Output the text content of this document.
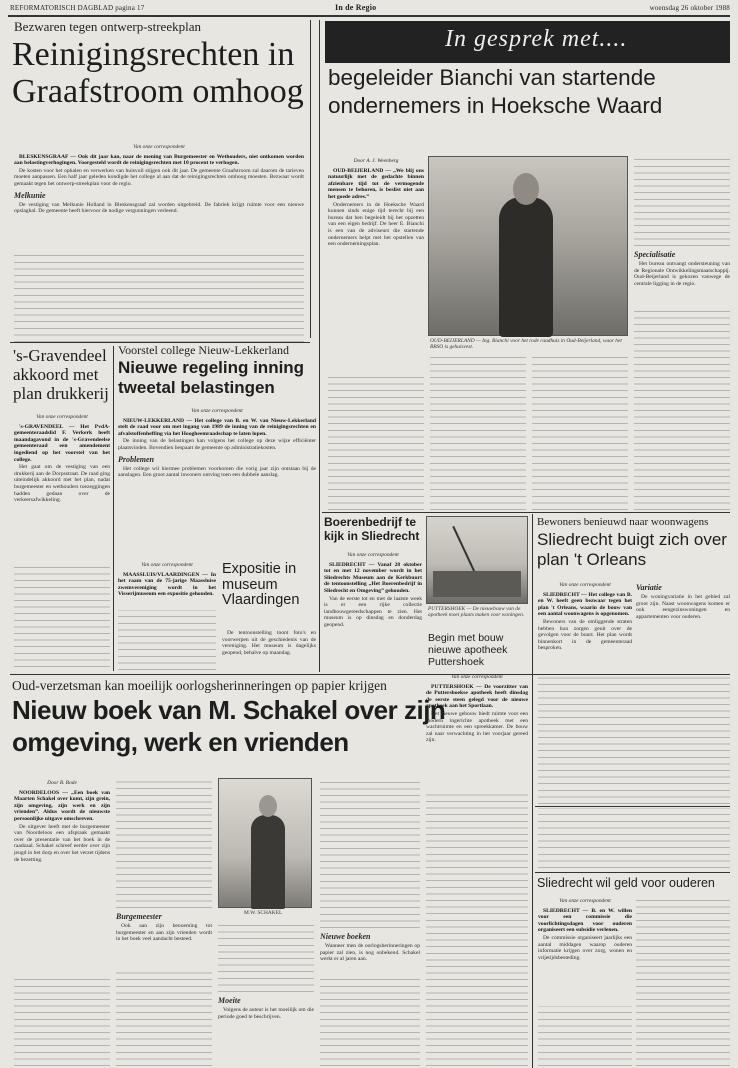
REFORMATORISCH DAGBLAD pagina 17	In de Regio	woensdag 26 oktober 1988
Bezwaren tegen ontwerp-streekplan
Reinigingsrechten in Graafstroom omhoog
Van onze correspondent

BLESKENSGRAAF — Ook dit jaar kan, naar de mening van Burgemeester en Wethouders, niet ontkomen worden aan belastingverhogingen. Voorgesteld wordt de reinigingsrechten met 10 procent te verhogen.

De kosten voor het ophalen en verwerken van huisvuil stijgen ook dit jaar. De gemeente Graafstroom zal daarom de tarieven moeten aanpassen. Een half jaar geleden kondigde het college al aan dat de reinigingsrechten omhoog moesten. Bezwaar wordt gemaakt tegen het ontwerp-streekplan voor de regio.

Melkunie

De vestiging van Melkunie Holland in Bleskensgraaf zal worden uitgebreid. De fabriek krijgt ruimte voor een nieuwe opslaghal. De gemeente heeft hiervoor de nodige vergunningen verleend.

's-Gravendeel akkoord met plan drukkerij
Van onze correspondent

's-GRAVENDEEL — Het PvdA-gemeenteraadslid F. Verkerk heeft maandagavond in de 's-Gravendeelse gemeenteraad een amendement ingediend op het voorstel van het college.

Het gaat om de vestiging van een drukkerij aan de Dorpsstraat. De raad ging uiteindelijk akkoord met het plan, nadat burgemeester en wethouders toezeggingen hadden gedaan over de verkeersafwikkeling.

Voorstel college Nieuw-Lekkerland
Nieuwe regeling inning tweetal belastingen
Van onze correspondent

NIEUW-LEKKERLAND — Het college van B. en W. van Nieuw-Lekkerland stelt de raad voor om met ingang van 1989 de inning van de reinigingsrechten en afvalstoffenheffing via het Hoogheemraadschap te laten lopen.

De inning van de belastingen kan volgens het college op deze wijze efficiënter plaatsvinden. Bovendien bespaart de gemeente op administratiekosten.

Problemen

Het college wil hiermee problemen voorkomen die vorig jaar zijn ontstaan bij de aanslagen. Een groot aantal inwoners ontving toen een dubbele aanslag.

Van onze correspondent

MAASSLUIS/VLAARDINGEN — In het raam van de 75-jarige Maassluise zwemvereniging wordt in het Visserijmuseum een expositie gehouden.

Expositie in museum Vlaardingen

De tentoonstelling toont foto's en voorwerpen uit de geschiedenis van de vereniging. Het museum is dagelijks geopend, behalve op maandag.

In gesprek met....
begeleider Bianchi van startende ondernemers in Hoeksche Waard
Door A. J. Weenberg

OUD-BEIJERLAND — „We blij ons natuurlijk met de gedachte binnen afzienbare tijd tot de vermogende mensen te behoren, is beslist niet aan het goede adres.”

Ondernemers in de Hoeksche Waard kunnen sinds enige tijd terecht bij een bureau dat hen begeleidt bij het opzetten van een eigen bedrijf. De heer E. Bianchi is een van de adviseurs die startende ondernemers helpt met het opstellen van een ondernemingsplan.

OUD-BEIJERLAND — Ing. Bianchi voor het rode raadhuis in Oud-Beijerland, waar het BBSO is gehuisvest.
Specialisatie

Het bureau ontvangt ondersteuning van de Regionale Ontwikkelingsmaatschappij. Oud-Beijerland is gekozen vanwege de centrale ligging in de regio.

Boerenbedrijf te kijk in Sliedrecht
Van onze correspondent

SLIEDRECHT — Vanaf 28 oktober tot en met 12 november wordt in het Sliedrechts Museum aan de Kerkbuurt de tentoonstelling „Het Boerenbedrijf in Sliedrecht en Omgeving” gehouden.

Van de eerste tot en met de laatste week is er een rijke collectie landbouwgereedschappen te zien. Het museum is op dinsdag en donderdag geopend.

PUTTERSHOEK — De nieuwbouw van de apotheek moet plaats maken voor woningen.
Begin met bouw nieuwe apotheek Puttershoek
Bewoners benieuwd naar woonwagens
Sliedrecht buigt zich over plan 't Orleans
Van onze correspondent

SLIEDRECHT — Het college van B. en W. heeft geen bezwaar tegen het plan 't Orleans, waarin de bouw van een aantal woonwagens is opgenomen.

Bewoners van de omliggende straten hebben hun zorgen geuit over de gevolgen voor de buurt. Het plan wordt binnenkort in de gemeenteraad besproken.

Variatie

De woningvariatie in het gebied zal groot zijn. Naast woonwagens komen er ook eengezinswoningen en appartementen voor ouderen.

Oud-verzetsman kan moeilijk oorlogsherinneringen op papier krijgen
Nieuw boek van M. Schakel over zijn omgeving, werk en vrienden
Door B. Bode

NOORDELOOS — „Een boek van Maarten Schakel over komt, zijn grein, zijn omgeving, zijn werk en zijn vrienden”. Aldus wordt de nieuwste persoonlijke uitgave omschreven.

De uitgever heeft met de burgemeester van Noordeloos een afspraak gemaakt over de presentatie van het boek in de raadzaal. Schakel schreef eerder over zijn jeugd in het dorp en over het verzet tijdens de bezetting.

Burgemeester

Ook aan zijn benoeming tot burgemeester en aan zijn vrienden wordt in het boek veel aandacht besteed.

M.W. SCHAKEL
Moeite

Volgens de auteur is het moeilijk om die periode goed te beschrijven.

Nieuwe boeken

Wanneer men de oorlogsherinneringen op papier zal zien, is nog onbekend. Schakel werkt er al jaren aan.

Van onze correspondent

PUTTERSHOEK — De voorzitter van de Puttershoekse apotheek heeft dinsdag de eerste steen gelegd voor de nieuwe apotheek aan het Sportlaan.

Het nieuwe gebouw biedt ruimte voor een modern ingerichte apotheek met een wachtruimte en een spreekkamer. De bouw zal naar verwachting in het voorjaar gereed zijn.

Sliedrecht wil geld voor ouderen
Van onze correspondent

SLIEDRECHT — B. en W. willen voor een commissie die voorlichtingsdagen voor ouderen organiseert een subsidie verlenen.

De commissie organiseert jaarlijks een aantal middagen waarop ouderen informatie krijgen over zorg, wonen en vrijetijdsbesteding.
